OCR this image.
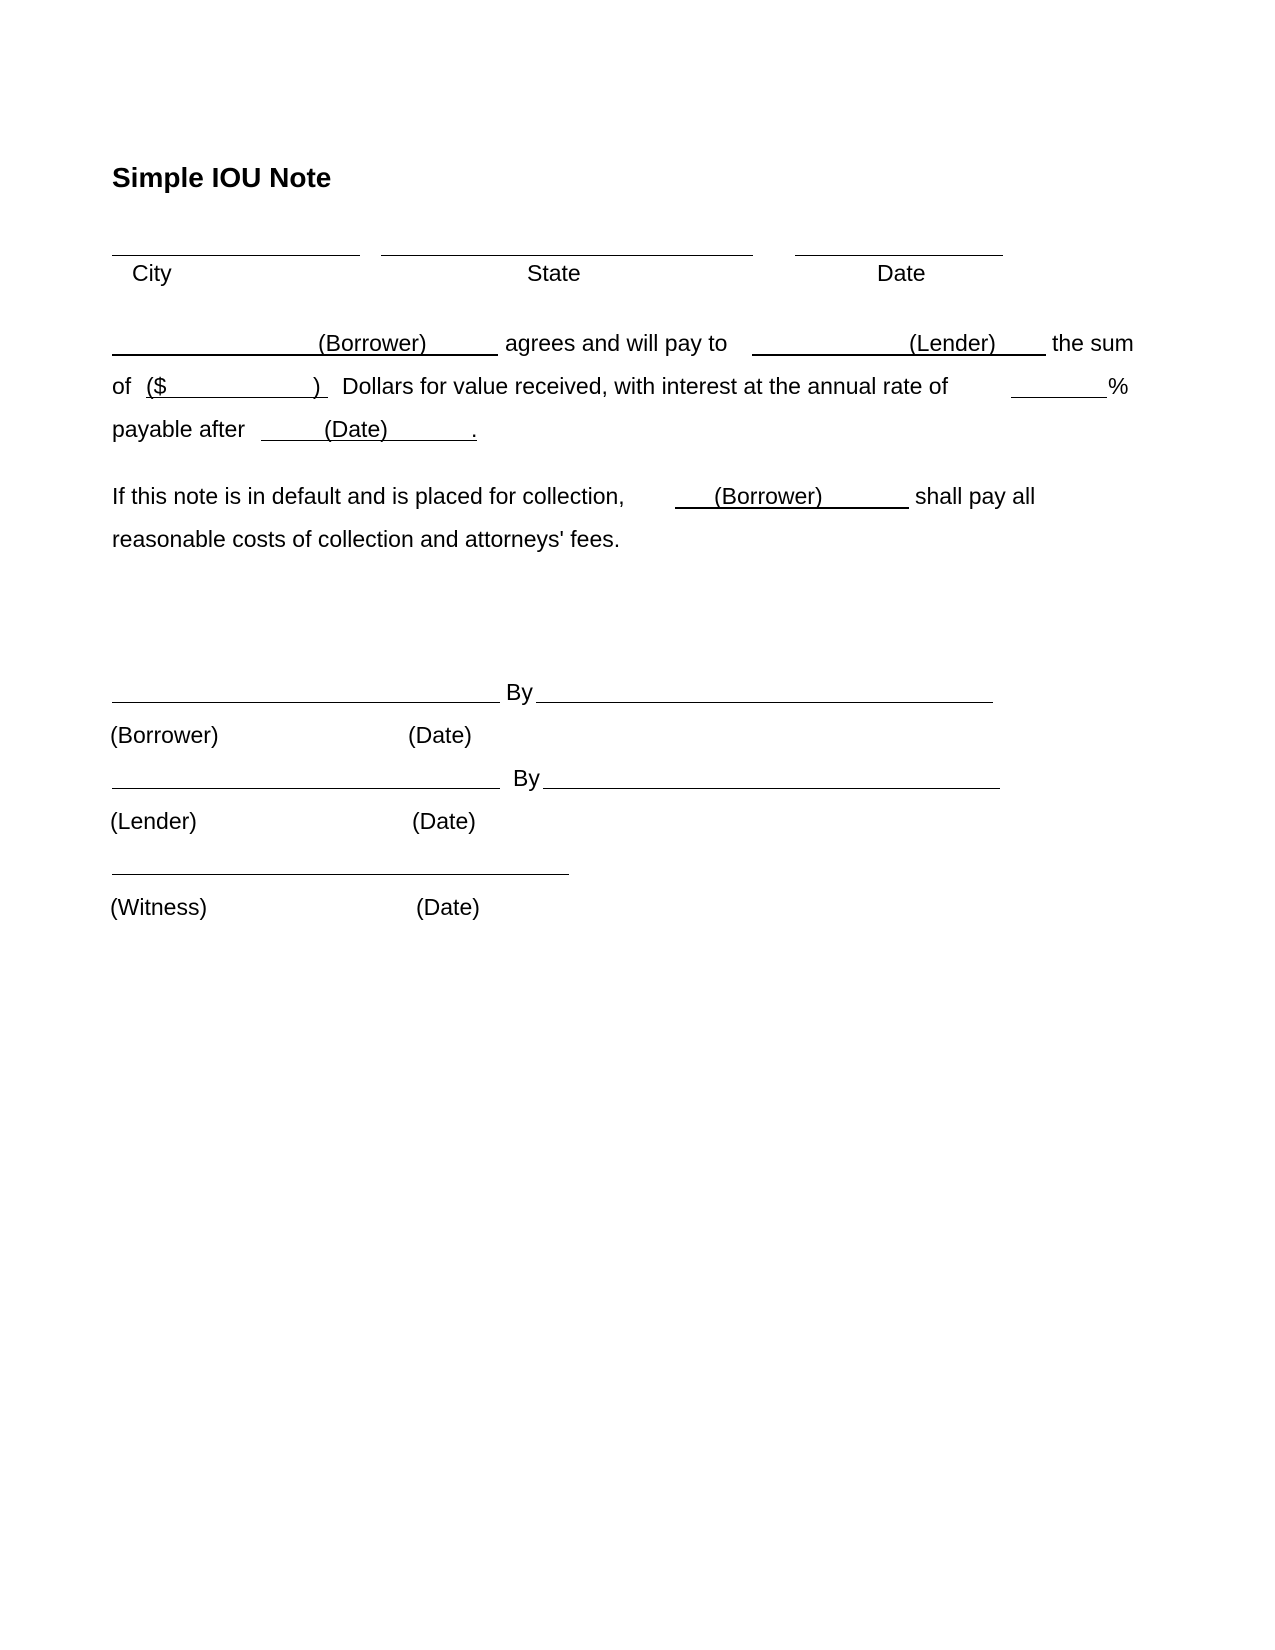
Simple IOU Note
City	State	Date
(Borrower)	agrees and will pay to	(Lender) the sum
of ($	) Dollars for value received, with interest at the annual rate of	%
payable after	(Date)	.
If this note is in default and is placed for collection,	(Borrower)	shall pay all
reasonable costs of collection and attorneys' fees.
By
(Borrower)	(Date)
By
(Lender)	(Date)
(Witness)	(Date)
